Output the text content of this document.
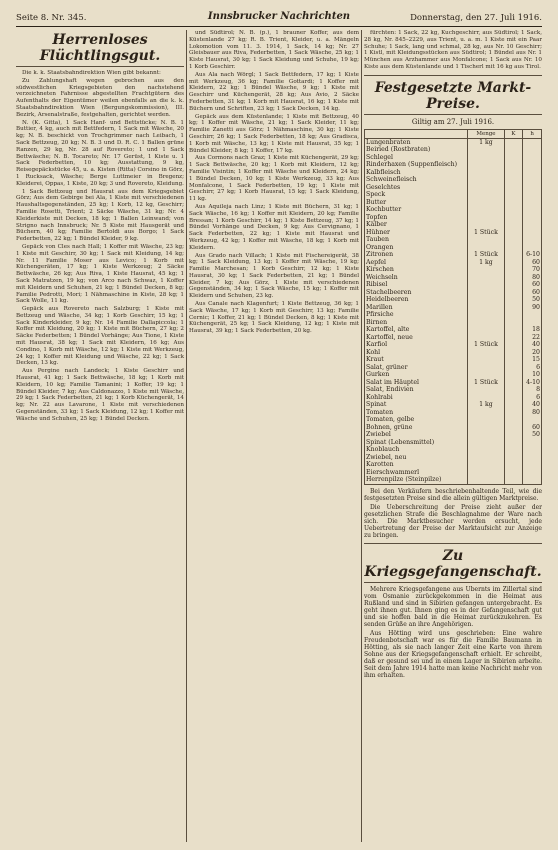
Seite 8. Nr. 345.	Innsbrucker Nachrichten	Donnerstag, den 27. Juli 1916.
Herrenloses Flüchtlingsgut.

Die k. k. Staatsbahndirektion Wien gibt bekannt:

Zu Zahlungshaft wegen gebrochen aus den südwestlichen Kriegsgebieten den nachstehend verzeichneten Fahrnisse abgestellten Frachtgütern des Aufenthalts der Eigentümer weilen ebenfalls an die k. k. Staatsbahndirektion Wien (Bergungskommission), III. Bezirk, Arsenalstraße, festgehalten, gerichtet werden.

N. (K. Gitta), 1 Sack Hanf- und Bettstücke; N. B. 1 Buttier, 4 kg, auch mit Bettfedern, 1 Sack mit Wäsche, 20 kg; N. B. beschickt von Trochgrimmer nach Leibach, 1 Sack Bettzeug, 20 kg; N. B. 3 und D. R. C. 1 Ballen grüne Ranzen, 29 kg, Nr. 28 auf Rovereto; 1 und 1 Sack Bettwäsche; N. B. Tocareto; Nr. 17 Gerüst, 1 Kiste u. 1 Sack Federbetten, 10 kg; Ausstattung, 9 kg, Reisegepäckstücke 45, u. a. Kisten (Ritta) Corsino in Görz, 1 Rucksack, Wäsche; Berge Luttmeier in Bregenz; Kleiderei, Oppas, 1 Kiste, 20 kg; 3 und Rovereto, Kleidung.

1 Sack Bettzeug und Hausrat aus dem Kriegsgebiet Görz; Aus dem Gebirge bei Ala, 1 Kiste mit verschiedenen Haushaltsgegenständen, 25 kg; 1 Korb, 12 kg, Geschirr; Familie Rosetti, Trient; 2 Säcke Wäsche, 31 kg; Nr. 4 Kleiderkiste mit Decken, 18 kg; 1 Ballen Leinwand; von Strigno nach Innsbruck; Nr. 5 Kiste mit Hausgerät und Büchern, 40 kg; Familie Bertoldi aus Borgo; 1 Sack Federbetten, 22 kg; 1 Bündel Kleider, 9 kg.

Gepäck von Cles nach Hall; 1 Koffer mit Wäsche, 23 kg; 1 Kiste mit Geschirr, 30 kg; 1 Sack mit Kleidung, 14 kg; Nr. 11 Familie Moser aus Levico; 1 Korb mit Küchengeräten, 17 kg; 1 Kiste Werkzeug; 2 Säcke Bettwäsche, 26 kg; Aus Riva, 1 Kiste Hausrat, 45 kg; 1 Sack Matratzen, 19 kg; von Arco nach Schwaz, 1 Koffer mit Kleidern und Schuhen, 21 kg; 1 Bündel Decken, 8 kg; Familie Pedrotti, Mori; 1 Nähmaschine in Kiste, 28 kg; 1 Sack Wolle, 11 kg.

Gepäck aus Rovereto nach Salzburg; 1 Kiste mit Bettzeug und Wäsche, 34 kg; 1 Korb Geschirr, 15 kg; 1 Sack Kinderkleider, 9 kg; Nr. 14 Familie Dallapiccola; 1 Koffer mit Kleidung, 20 kg; 1 Kiste mit Büchern, 27 kg; 2 Säcke Federbetten; 1 Bündel Vorhänge; Aus Tione, 1 Kiste mit Hausrat, 38 kg; 1 Sack mit Kleidern, 16 kg; Aus Condino, 1 Korb mit Wäsche, 12 kg; 1 Kiste mit Werkzeug, 24 kg; 1 Koffer mit Kleidung und Wäsche, 22 kg; 1 Sack Decken, 13 kg.

Aus Pergine nach Landeck; 1 Kiste Geschirr und Hausrat, 41 kg; 1 Sack Bettwäsche, 18 kg; 1 Korb mit Kleidern, 10 kg; Familie Tamanini; 1 Koffer, 19 kg; 1 Bündel Kleider, 7 kg; Aus Caldonazzo, 1 Kiste mit Wäsche, 29 kg; 1 Sack Federbetten, 21 kg; 1 Korb Küchengerät, 14 kg; Nr. 22 aus Lavarone, 1 Kiste mit verschiedenen Gegenständen, 33 kg; 1 Sack Kleidung, 12 kg; 1 Koffer mit Wäsche und Schuhen, 25 kg; 1 Bündel Decken.

und Südtirol; N. B. (p.), 1 brauner Koffer, aus dem Küstenlande 27 kg; R. B. Trient, Kleider, u. a. Mängeln Lokomotion vom 11. 3. 1914, 1 Sack, 14 kg; Nr. 27 Gleisbauer aus Riva, Federbetten, 1 Sack Wäsche, 25 kg; 1 Kiste Hausrat, 30 kg; 1 Sack Kleidung und Schuhe, 19 kg; 1 Korb Geschirr.

Aus Ala nach Wörgl; 1 Sack Bettfedern, 17 kg; 1 Kiste mit Werkzeug, 36 kg; Familie Gottardi; 1 Koffer mit Kleidern, 22 kg; 1 Bündel Wäsche, 9 kg; 1 Kiste mit Geschirr und Küchengerät, 28 kg; Aus Avio, 2 Säcke Federbetten, 31 kg; 1 Korb mit Hausrat, 16 kg; 1 Kiste mit Büchern und Schriften, 23 kg; 1 Sack Decken, 14 kg.

Gepäck aus dem Küstenlande; 1 Kiste mit Bettzeug, 40 kg; 1 Koffer mit Wäsche, 21 kg; 1 Sack Kleider, 11 kg; Familie Zanetti aus Görz; 1 Nähmaschine, 30 kg; 1 Kiste Geschirr, 26 kg; 1 Sack Federbetten, 18 kg; Aus Gradisca, 1 Korb mit Wäsche, 13 kg; 1 Kiste mit Hausrat, 35 kg; 1 Bündel Kleider, 8 kg; 1 Koffer, 17 kg.

Aus Cormons nach Graz; 1 Kiste mit Küchengerät, 29 kg; 1 Sack Bettwäsche, 20 kg; 1 Korb mit Kleidern, 12 kg; Familie Visintin; 1 Koffer mit Wäsche und Kleidern, 24 kg; 1 Bündel Decken, 10 kg; 1 Kiste Werkzeug, 33 kg; Aus Monfalcone, 1 Sack Federbetten, 19 kg; 1 Kiste mit Geschirr, 27 kg; 1 Korb Hausrat, 15 kg; 1 Sack Kleidung, 11 kg.

Aus Aquileja nach Linz; 1 Kiste mit Büchern, 31 kg; 1 Sack Wäsche, 16 kg; 1 Koffer mit Kleidern, 20 kg; Familie Bressan; 1 Korb Geschirr, 14 kg; 1 Kiste Bettzeug, 37 kg; 1 Bündel Vorhänge und Decken, 9 kg; Aus Cervignano, 1 Sack Federbetten, 22 kg; 1 Kiste mit Hausrat und Werkzeug, 42 kg; 1 Koffer mit Wäsche, 18 kg; 1 Korb mit Kleidern.

Aus Grado nach Villach; 1 Kiste mit Fischereigerät, 38 kg; 1 Sack Kleidung, 13 kg; 1 Koffer mit Wäsche, 19 kg; Familie Marchesan; 1 Korb Geschirr, 12 kg; 1 Kiste Hausrat, 30 kg; 1 Sack Federbetten, 21 kg; 1 Bündel Kleider, 7 kg; Aus Görz, 1 Kiste mit verschiedenen Gegenständen, 34 kg; 1 Sack Wäsche, 15 kg; 1 Koffer mit Kleidern und Schuhen, 23 kg.

Aus Canale nach Klagenfurt; 1 Kiste Bettzeug, 36 kg; 1 Sack Wäsche, 17 kg; 1 Korb mit Geschirr, 13 kg; Familie Cernic; 1 Koffer, 21 kg; 1 Bündel Decken, 8 kg; 1 Kiste mit Küchengerät, 25 kg; 1 Sack Kleidung, 12 kg; 1 Kiste mit Hausrat, 39 kg; 1 Sack Federbetten, 20 kg.

fürchten: 1 Sack, 22 kg, Kuchgeschirr, aus Südtirol; 1 Sack, 28 kg, Nr. 845–2229, aus Trient, u. a. m. 1 Kiste mit ein Paar Schuhe; 1 Sack, lang und schmal, 28 kg, aus Nr. 10 Geschirr; 1 Kistl, mit Kleidungsstücken aus Südtirol; 1 Bündel aus Nr. 1 München aus Arzhammer aus Monfalcone; 1 Sack aus Nr. 10 Kiste aus dem Küstenlande und 1 Tischerl mit 16 kg aus Tirol.

Festgesetzte Markt-Preise.
Giltig am 27. Juli 1916.
	Menge	K	h
Lungenbraten	1 kg		
Beiried (Rostbraten)			
Schlegel			
Rinderhaxen (Suppenfleisch)			
Kalbfleisch			
Schweinefleisch			
Geselchtes			
Speck			
Butter			
Kochbutter			
Topfen			
Kälber			
Hühner	1 Stück		
Tauben			
Orangen			
Zitronen	1 Stück		6-10
Aepfel	1 kg		60
Kirschen			70
Weichseln			80
Ribisel			60
Stachelbeeren			60
Heidelbeeren			50
Marillen			90
Pfirsiche			
Birnen			
Kartoffel, alte			18
Kartoffel, neue			22
Karfiol	1 Stück		40
Kohl			20
Kraut			15
Salat, grüner			6
Gurken			10
Salat im Häuptel	1 Stück		4-10
Salat, Endivien			8
Kohlrabi			6
Spinat	1 kg		40
Tomaten			80
Tomaten, gelbe			
Bohnen, grüne			60
Zwiebel			50
Spinat (Lebensmittel)			
Knoblauch			
Zwiebel, neu			
Karotten			
Eierschwammerl			
Herrenpilze (Steinpilze)			

Bei den Verkäufern beschriebenhaltende Teil, wie die festgesetzten Preise sind die allein gültigen Marktpreise.

Die Ueberschreitung der Preise zieht außer der gesetzlichen Strafe die Beschlagnahme der Ware nach sich. Die Marktbesucher werden ersucht, jede Uebertretung der Preise der Marktaufsicht zur Anzeige zu bringen.

Zu Kriegsgefangenschaft.

Mehrere Kriegsgefangene aus Ubernts im Zillertal sind vom Osmanie zurückgekommen in die Heimat aus Rußland und sind in Sibirien gefangen untergebracht. Es geht ihnen gut. Ihnen ging es in der Gefangenschaft gut und sie hoffen bald in die Heimat zurückzukehren. Es senden Grüße an ihre Angehörigen.

Aus Hötting wird uns geschrieben: Eine wahre Freudenbotschaft war es für die Familie Baumann in Hötting, als sie nach langer Zeit eine Karte von ihrem Sohne aus der Kriegsgefangenschaft erhielt. Er schreibt, daß er gesund sei und in einem Lager in Sibirien arbeite. Seit dem Jahre 1914 hatte man keine Nachricht mehr von ihm erhalten.
